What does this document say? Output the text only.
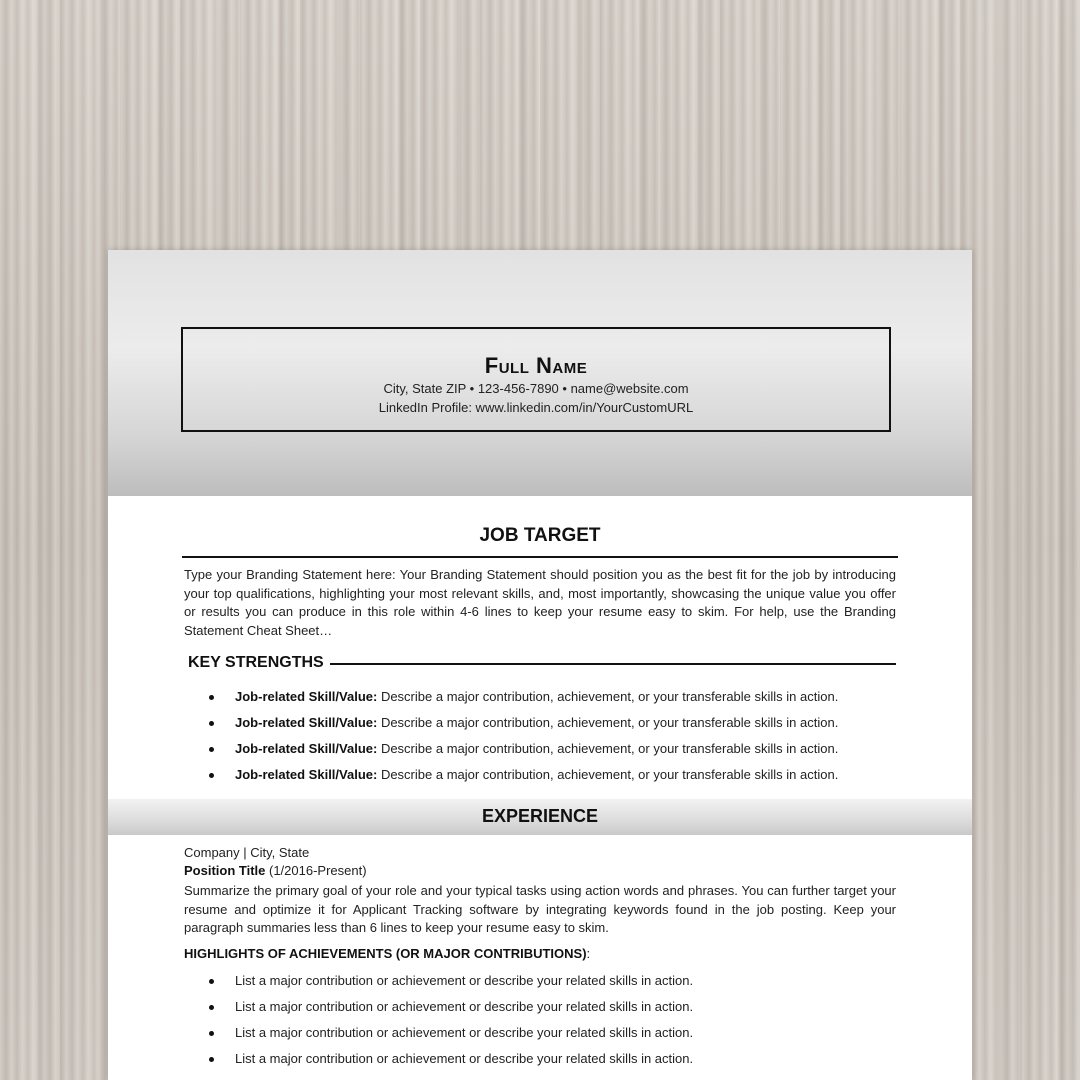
Full Name
City, State ZIP • 123-456-7890 • name@website.com
LinkedIn Profile: www.linkedin.com/in/YourCustomURL
JOB TARGET
Type your Branding Statement here: Your Branding Statement should position you as the best fit for the job by introducing your top qualifications, highlighting your most relevant skills, and, most importantly, showcasing the unique value you offer or results you can produce in this role within 4-6 lines to keep your resume easy to skim. For help, use the Branding Statement Cheat Sheet…
KEY STRENGTHS
Job-related Skill/Value: Describe a major contribution, achievement, or your transferable skills in action.
Job-related Skill/Value: Describe a major contribution, achievement, or your transferable skills in action.
Job-related Skill/Value: Describe a major contribution, achievement, or your transferable skills in action.
Job-related Skill/Value: Describe a major contribution, achievement, or your transferable skills in action.
EXPERIENCE
Company | City, State
Position Title (1/2016-Present)
Summarize the primary goal of your role and your typical tasks using action words and phrases. You can further target your resume and optimize it for Applicant Tracking software by integrating keywords found in the job posting. Keep your paragraph summaries less than 6 lines to keep your resume easy to skim.
HIGHLIGHTS OF ACHIEVEMENTS (OR MAJOR CONTRIBUTIONS):
List a major contribution or achievement or describe your related skills in action.
List a major contribution or achievement or describe your related skills in action.
List a major contribution or achievement or describe your related skills in action.
List a major contribution or achievement or describe your related skills in action.
